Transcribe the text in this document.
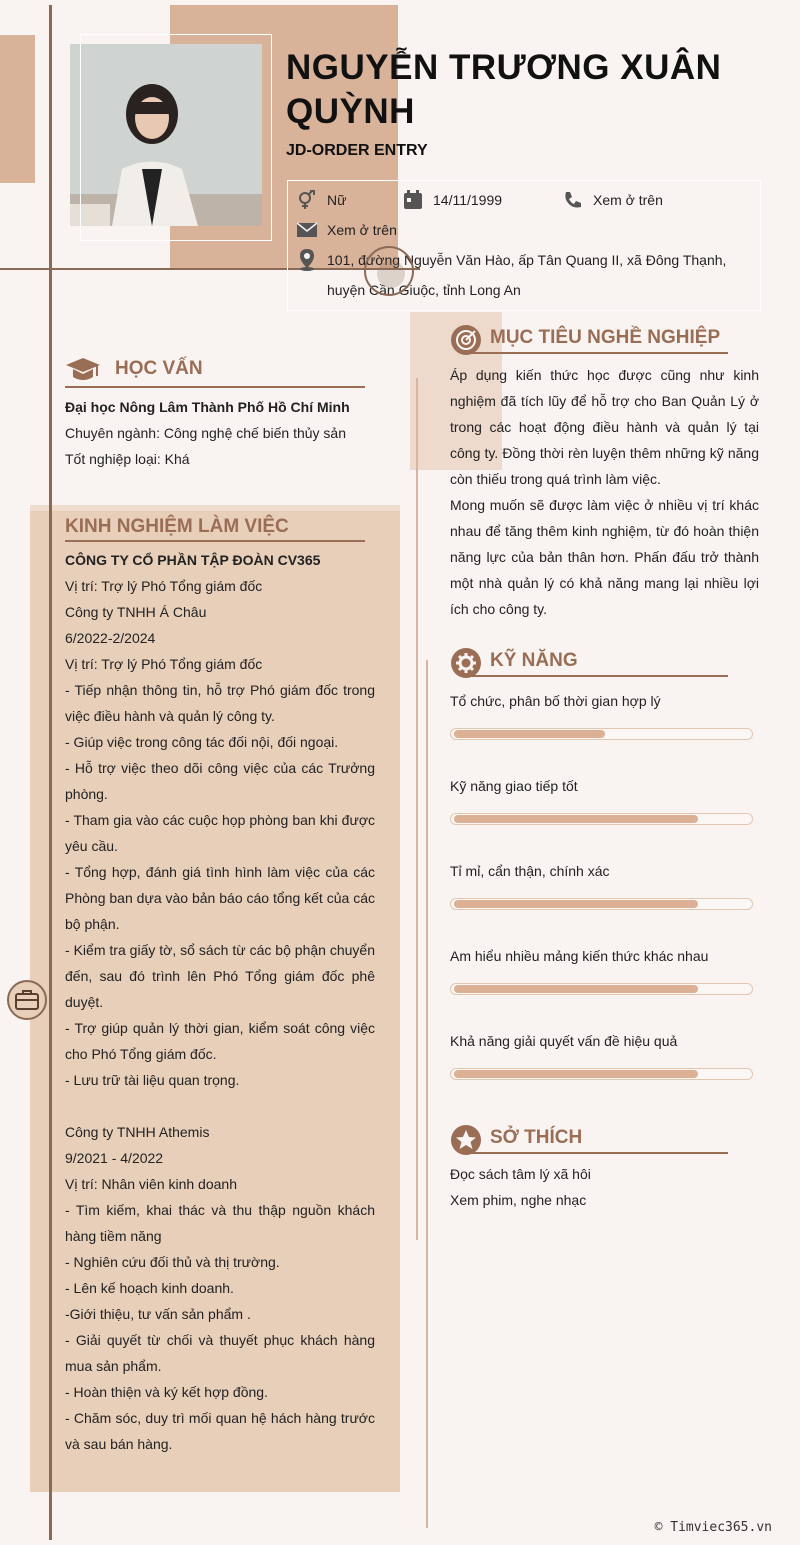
NGUYỄN TRƯƠNG XUÂN QUỲNH
JD-ORDER ENTRY
Nữ	14/11/1999	Xem ở trên
Xem ở trên
101, đường Nguyễn Văn Hào, ấp Tân Quang II, xã Đông Thạnh, huyện Cần Giuộc, tỉnh Long An
HỌC VẤN
Đại học Nông Lâm Thành Phố Hồ Chí Minh
Chuyên ngành: Công nghệ chế biến thủy sản
Tốt nghiệp loại: Khá
KINH NGHIỆM LÀM VIỆC
CÔNG TY CỔ PHẦN TẬP ĐOÀN CV365
Vị trí: Trợ lý Phó Tổng giám đốc
Công ty TNHH Á Châu
6/2022-2/2024
Vị trí: Trợ lý Phó Tổng giám đốc
- Tiếp nhận thông tin, hỗ trợ Phó giám đốc trong việc điều hành và quản lý công ty.
- Giúp việc trong công tác đối nội, đối ngoại.
- Hỗ trợ việc theo dõi công việc của các Trưởng phòng.
- Tham gia vào các cuộc họp phòng ban khi được yêu cầu.
- Tổng hợp, đánh giá tình hình làm việc của các Phòng ban dựa vào bản báo cáo tổng kết của các bộ phận.
- Kiểm tra giấy tờ, sổ sách từ các bộ phận chuyển đến, sau đó trình lên Phó Tổng giám đốc phê duyệt.
- Trợ giúp quản lý thời gian, kiểm soát công việc cho Phó Tổng giám đốc.
- Lưu trữ tài liệu quan trọng.
Công ty TNHH Athemis
9/2021 - 4/2022
Vị trí: Nhân viên kinh doanh
- Tìm kiếm, khai thác và thu thập nguồn khách hàng tiềm năng
- Nghiên cứu đối thủ và thị trường.
- Lên kế hoạch kinh doanh.
-Giới thiệu, tư vấn sản phẩm .
- Giải quyết từ chối và thuyết phục khách hàng mua sản phẩm.
- Hoàn thiện và ký kết hợp đồng.
- Chăm sóc, duy trì mối quan hệ hách hàng trước và sau bán hàng.
MỤC TIÊU NGHỀ NGHIỆP
Áp dụng kiến thức học được cũng như kinh nghiệm đã tích lũy để hỗ trợ cho Ban Quản Lý ở trong các hoạt động điều hành và quản lý tại công ty. Đồng thời rèn luyện thêm những kỹ năng còn thiếu trong quá trình làm việc.
Mong muốn sẽ được làm việc ở nhiều vị trí khác nhau để tăng thêm kinh nghiệm, từ đó hoàn thiện năng lực của bản thân hơn. Phấn đấu trở thành một nhà quản lý có khả năng mang lại nhiều lợi ích cho công ty.
KỸ NĂNG
Tổ chức, phân bố thời gian hợp lý
Kỹ năng giao tiếp tốt
Tỉ mỉ, cẩn thận, chính xác
Am hiểu nhiều mảng kiến thức khác nhau
Khả năng giải quyết vấn đề hiệu quả
SỞ THÍCH
Đọc sách tâm lý xã hôi
Xem phim, nghe nhạc
© Timviec365.vn
